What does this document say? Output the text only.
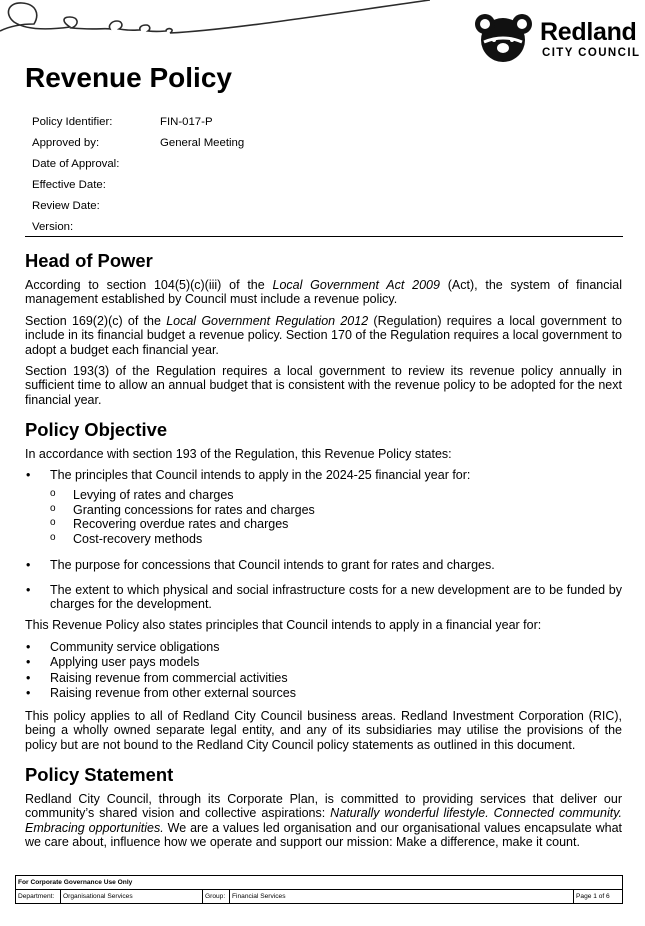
Redland
CITY COUNCIL
Revenue Policy
Policy Identifier:	FIN-017-P
Approved by:	General Meeting
Date of Approval:	
Effective Date:	
Review Date:	
Version:	
Head of Power

According to section 104(5)(c)(iii) of the Local Government Act 2009 (Act), the system of financial management established by Council must include a revenue policy.

Section 169(2)(c) of the Local Government Regulation 2012 (Regulation) requires a local government to include in its financial budget a revenue policy. Section 170 of the Regulation requires a local government to adopt a budget each financial year.

Section 193(3) of the Regulation requires a local government to review its revenue policy annually in sufficient time to allow an annual budget that is consistent with the revenue policy to be adopted for the next financial year.

Policy Objective

In accordance with section 193 of the Regulation, this Revenue Policy states:

• The principles that Council intends to apply in the 2024-25 financial year for:
o Levying of rates and charges
o Granting concessions for rates and charges
o Recovering overdue rates and charges
o Cost-recovery methods
• The purpose for concessions that Council intends to grant for rates and charges.
• The extent to which physical and social infrastructure costs for a new development are to be funded by charges for the development.

This Revenue Policy also states principles that Council intends to apply in a financial year for:

• Community service obligations
• Applying user pays models
• Raising revenue from commercial activities
• Raising revenue from other external sources

This policy applies to all of Redland City Council business areas. Redland Investment Corporation (RIC), being a wholly owned separate legal entity, and any of its subsidiaries may utilise the provisions of the policy but are not bound to the Redland City Council policy statements as outlined in this document.

Policy Statement

Redland City Council, through its Corporate Plan, is committed to providing services that deliver our community’s shared vision and collective aspirations: Naturally wonderful lifestyle. Connected community. Embracing opportunities. We are a values led organisation and our organisational values encapsulate what we care about, influence how we operate and support our mission: Make a difference, make it count.

For Corporate Governance Use Only
Department:	Organisational Services	Group:	Financial Services	Page 1 of 6
